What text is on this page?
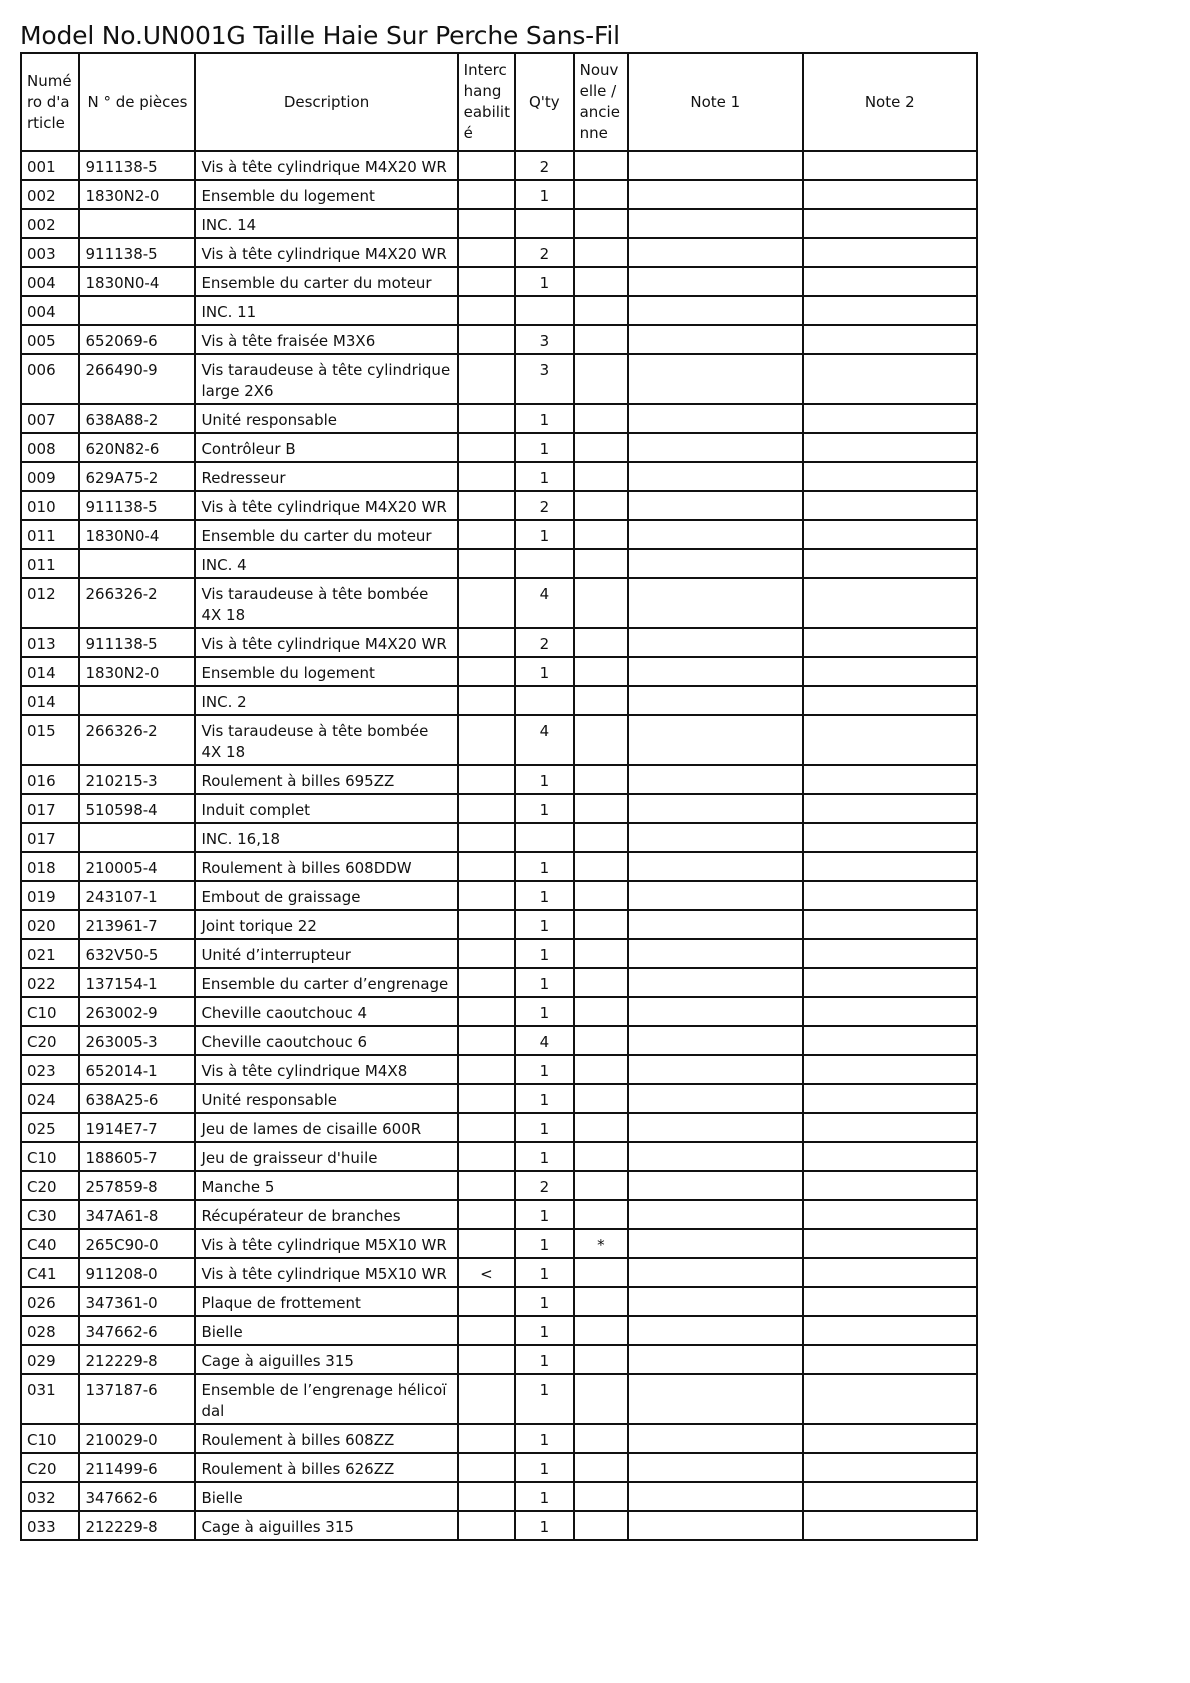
Model No.UN001G Taille Haie Sur Perche Sans-Fil
Numé ro d'a rticle	N ° de pièces	Description	Interc hang eabilit é	Q'ty	Nouv elle / ancie nne	Note 1	Note 2
001	911138-5	Vis à tête cylindrique M4X20 WR		2			
002	1830N2-0	Ensemble du logement		1			
002		INC. 14					
003	911138-5	Vis à tête cylindrique M4X20 WR		2			
004	1830N0-4	Ensemble du carter du moteur		1			
004		INC. 11					
005	652069-6	Vis à tête fraisée M3X6		3			
006	266490-9	Vis taraudeuse à tête cylindrique large 2X6		3			
007	638A88-2	Unité responsable		1			
008	620N82-6	Contrôleur B		1			
009	629A75-2	Redresseur		1			
010	911138-5	Vis à tête cylindrique M4X20 WR		2			
011	1830N0-4	Ensemble du carter du moteur		1			
011		INC. 4					
012	266326-2	Vis taraudeuse à tête bombée 4X 18		4			
013	911138-5	Vis à tête cylindrique M4X20 WR		2			
014	1830N2-0	Ensemble du logement		1			
014		INC. 2					
015	266326-2	Vis taraudeuse à tête bombée 4X 18		4			
016	210215-3	Roulement à billes 695ZZ		1			
017	510598-4	Induit complet		1			
017		INC. 16,18					
018	210005-4	Roulement à billes 608DDW		1			
019	243107-1	Embout de graissage		1			
020	213961-7	Joint torique 22		1			
021	632V50-5	Unité d’interrupteur		1			
022	137154-1	Ensemble du carter d’engrenage		1			
C10	263002-9	Cheville caoutchouc 4		1			
C20	263005-3	Cheville caoutchouc 6		4			
023	652014-1	Vis à tête cylindrique M4X8		1			
024	638A25-6	Unité responsable		1			
025	1914E7-7	Jeu de lames de cisaille 600R		1			
C10	188605-7	Jeu de graisseur d'huile		1			
C20	257859-8	Manche 5		2			
C30	347A61-8	Récupérateur de branches		1			
C40	265C90-0	Vis à tête cylindrique M5X10 WR		1	*		
C41	911208-0	Vis à tête cylindrique M5X10 WR	<	1			
026	347361-0	Plaque de frottement		1			
028	347662-6	Bielle		1			
029	212229-8	Cage à aiguilles 315		1			
031	137187-6	Ensemble de l’engrenage hélicoï dal		1			
C10	210029-0	Roulement à billes 608ZZ		1			
C20	211499-6	Roulement à billes 626ZZ		1			
032	347662-6	Bielle		1			
033	212229-8	Cage à aiguilles 315		1			
